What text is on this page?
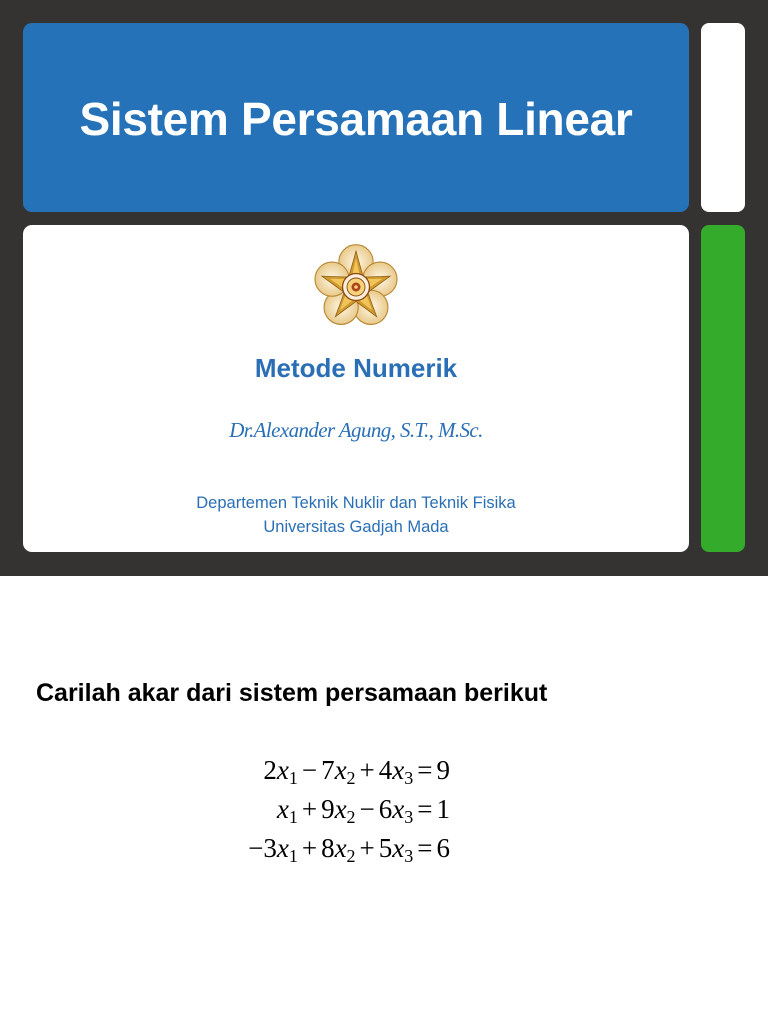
Sistem Persamaan Linear
Metode Numerik
Dr.Alexander Agung, S.T., M.Sc.
Departemen Teknik Nuklir dan Teknik Fisika
Universitas Gadjah Mada
Carilah akar dari sistem persamaan berikut
$2x_1 - 7x_2 + 4x_3 = 9$
$x_1 + 9x_2 - 6x_3 = 1$
$-3x_1 + 8x_2 + 5x_3 = 6$
